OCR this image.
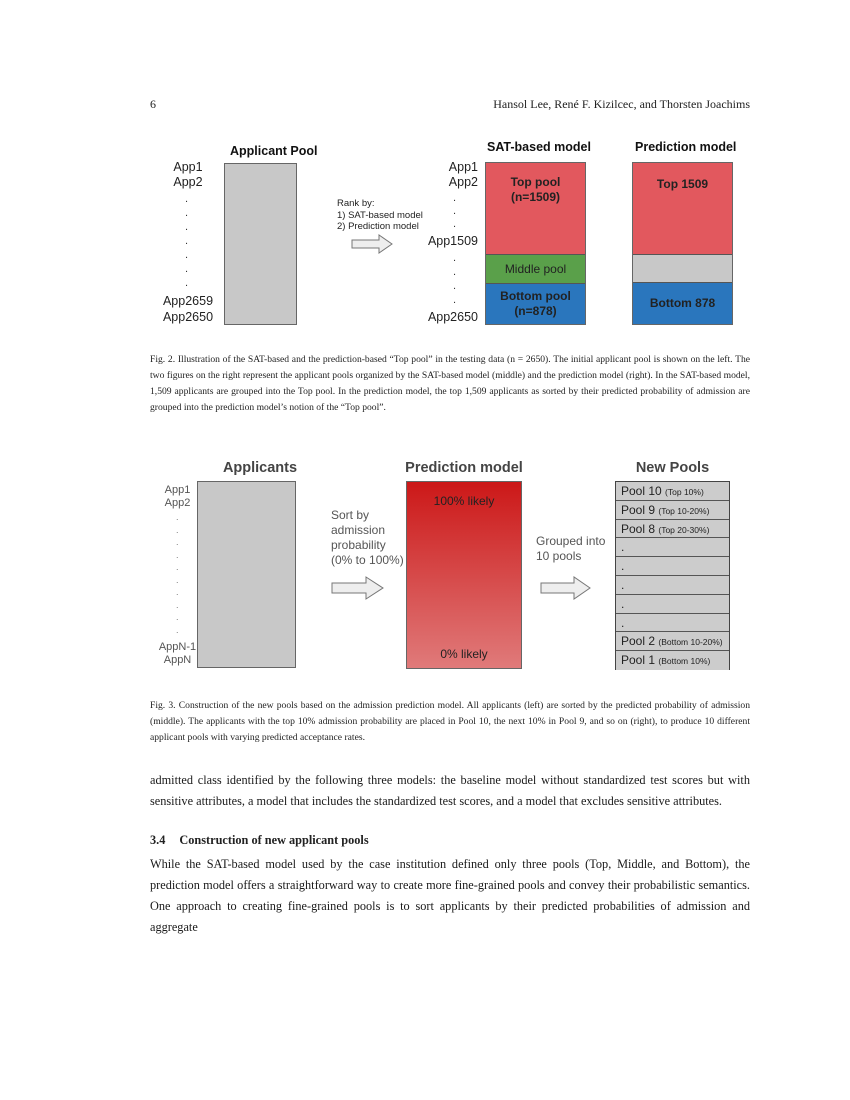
6	Hansol Lee, René F. Kizilcec, and Thorsten Joachims
Applicant Pool
App1
App2
.
.
.
.
.
.
.
App2659
App2650
Rank by:
1) SAT-based model
2) Prediction model
SAT-based model
App1
App2
.
.
.
App1509
.
.
.
.
App2650
Top pool
(n=1509)
Middle pool
Bottom pool
(n=878)
Prediction model
Top 1509
Bottom 878
Fig. 2. Illustration of the SAT-based and the prediction-based “Top pool” in the testing data (n = 2650). The initial applicant pool is shown on the left. The two figures on the right represent the applicant pools organized by the SAT-based model (middle) and the prediction model (right). In the SAT-based model, 1,509 applicants are grouped into the Top pool. In the prediction model, the top 1,509 applicants as sorted by their predicted probability of admission are grouped into the prediction model’s notion of the “Top pool”.
Applicants
App1
App2
.
.
.
.
.
.
.
.
.
.
AppN-1
AppN
Sort by
admission
probability
(0% to 100%)
Prediction model
100% likely
0% likely
Grouped into
10 pools
New Pools
Pool 10 (Top 10%)
Pool 9 (Top 10-20%)
Pool 8 (Top 20-30%)
.
.
.
.
.
Pool 2 (Bottom 10-20%)
Pool 1 (Bottom 10%)
Fig. 3. Construction of the new pools based on the admission prediction model. All applicants (left) are sorted by the predicted probability of admission (middle). The applicants with the top 10% admission probability are placed in Pool 10, the next 10% in Pool 9, and so on (right), to produce 10 different applicant pools with varying predicted acceptance rates.
admitted class identified by the following three models: the baseline model without standardized test scores but with sensitive attributes, a model that includes the standardized test scores, and a model that excludes sensitive attributes.
3.4 Construction of new applicant pools
While the SAT-based model used by the case institution defined only three pools (Top, Middle, and Bottom), the prediction model offers a straightforward way to create more fine-grained pools and convey their probabilistic semantics. One approach to creating fine-grained pools is to sort applicants by their predicted probabilities of admission and aggregate
